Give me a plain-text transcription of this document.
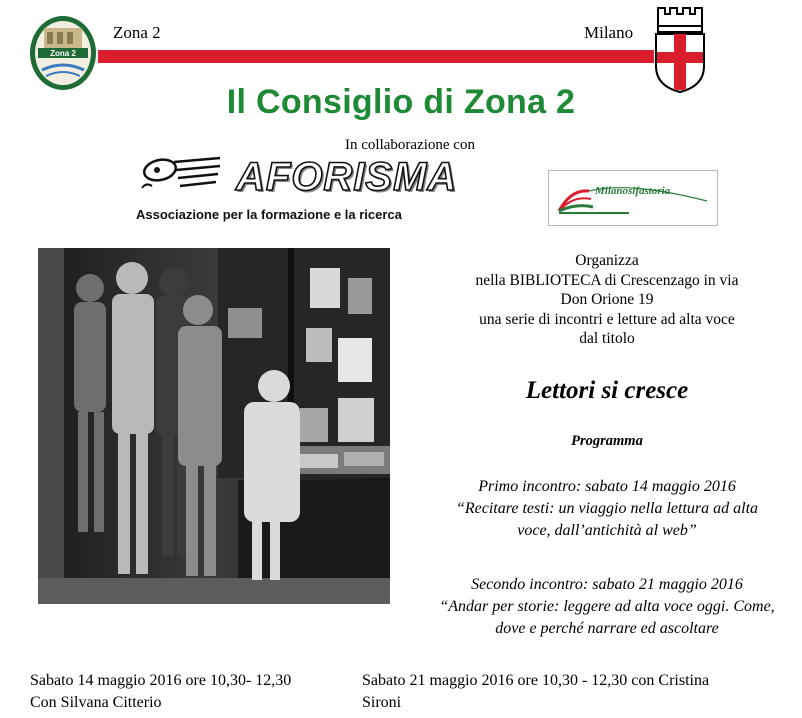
Zona 2
Zona 2	Milano
Il Consiglio di Zona 2
In collaborazione con
AFORISMA
Associazione per la formazione e la ricerca
Milanosifastoria
Organizza
nella BIBLIOTECA di Crescenzago in via
Don Orione 19
una serie di incontri e letture ad alta voce
dal titolo
Lettori si cresce
Programma
Primo incontro: sabato 14 maggio 2016
“Recitare testi: un viaggio nella lettura ad alta
voce, dall’antichità al web”
Secondo incontro: sabato 21 maggio 2016
“Andar per storie: leggere ad alta voce oggi. Come,
dove e perché narrare ed ascoltare
Sabato 14 maggio 2016 ore 10,30- 12,30
Con Silvana Citterio
Sabato 21 maggio 2016 ore 10,30 - 12,30 con Cristina
Sironi
